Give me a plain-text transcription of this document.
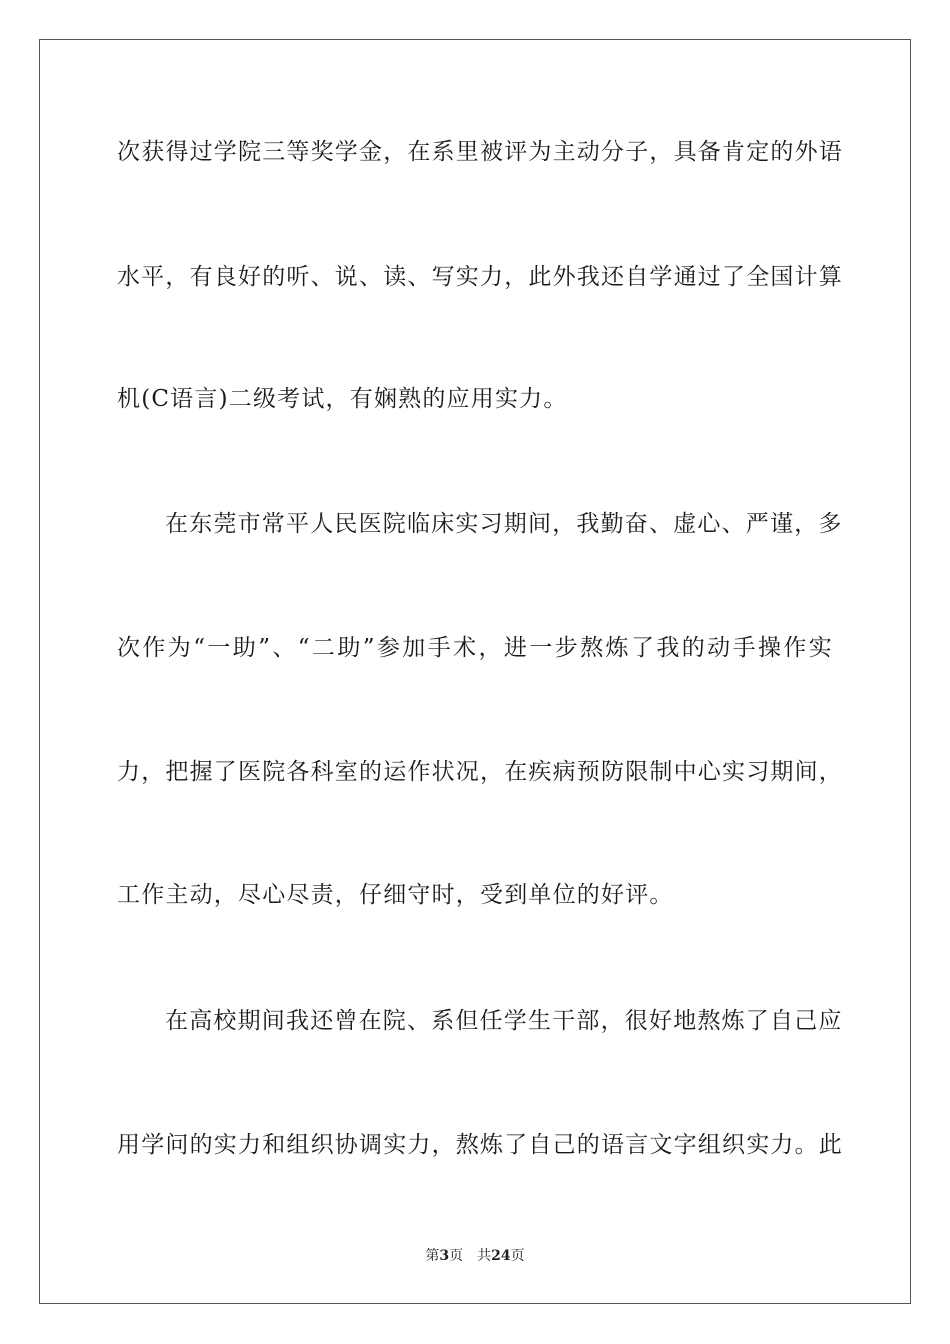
次获得过学院三等奖学金，在系里被评为主动分子，具备肯定的外语
水平，有良好的听、说、读、写实力，此外我还自学通过了全国计算
机(C语言)二级考试，有娴熟的应用实力。
在东莞市常平人民医院临床实习期间，我勤奋、虚心、严谨，多
次作为“一助”、“二助”参加手术，进一步熬炼了我的动手操作实
力，把握了医院各科室的运作状况，在疾病预防限制中心实习期间，
工作主动，尽心尽责，仔细守时，受到单位的好评。
在高校期间我还曾在院、系但任学生干部，很好地熬炼了自己应
用学问的实力和组织协调实力，熬炼了自己的语言文字组织实力。此
第3页 共24页
